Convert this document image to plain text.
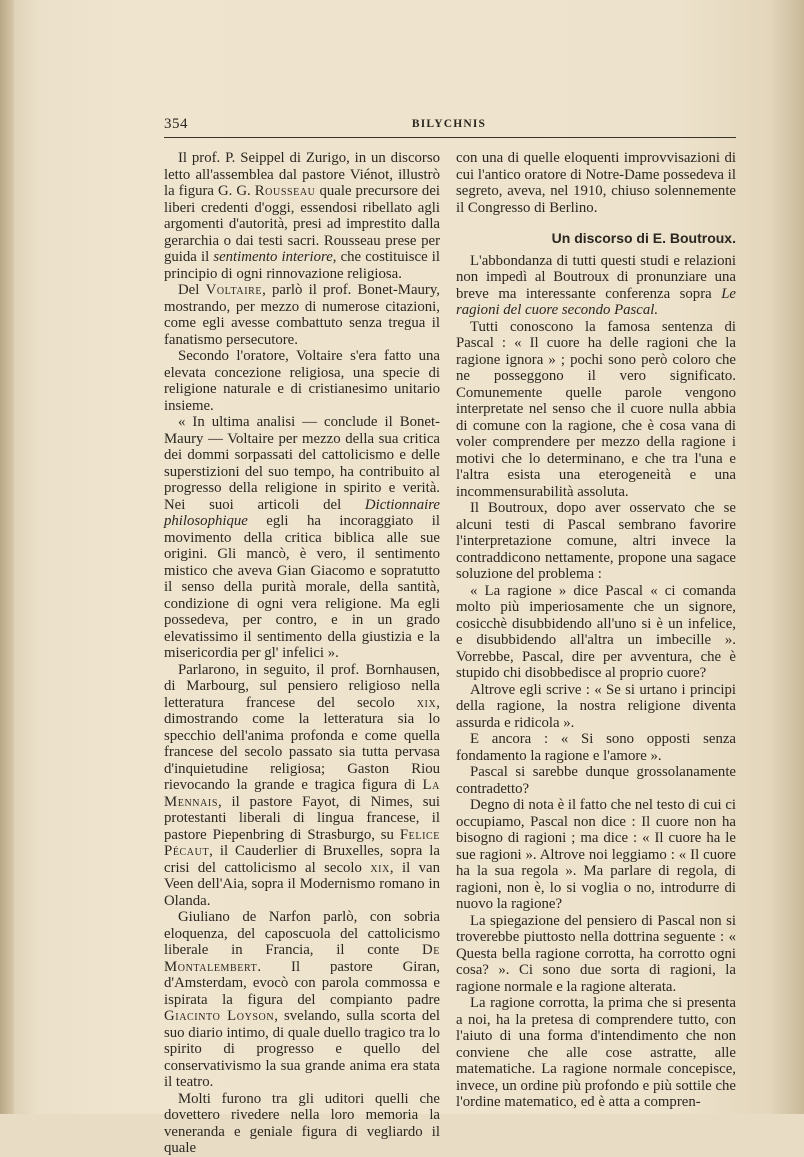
354	BILYCHNIS

Il prof. P. Seippel di Zurigo, in un discorso letto all'assemblea dal pastore Viénot, illustrò la figura G. G. Rousseau quale precursore dei liberi credenti d'oggi, essendosi ribellato agli argomenti d'autorità, presi ad imprestito dalla gerarchia o dai testi sacri. Rousseau prese per guida il sentimento interiore, che costituisce il principio di ogni rinnovazione religiosa.

Del Voltaire, parlò il prof. Bonet-Maury, mostrando, per mezzo di numerose citazioni, come egli avesse combattuto senza tregua il fanatismo persecutore.

Secondo l'oratore, Voltaire s'era fatto una elevata concezione religiosa, una specie di religione naturale e di cristianesimo unitario insieme.

« In ultima analisi — conclude il Bonet-Maury — Voltaire per mezzo della sua critica dei dommi sorpassati del cattolicismo e delle superstizioni del suo tempo, ha contribuito al progresso della religione in spirito e verità. Nei suoi articoli del Dictionnaire philosophique egli ha incoraggiato il movimento della critica biblica alle sue origini. Gli mancò, è vero, il sentimento mistico che aveva Gian Giacomo e sopratutto il senso della purità morale, della santità, condizione di ogni vera religione. Ma egli possedeva, per contro, e in un grado elevatissimo il sentimento della giustizia e la misericordia per gl' infelici ».

Parlarono, in seguito, il prof. Bornhausen, di Marbourg, sul pensiero religioso nella letteratura francese del secolo xix, dimostrando come la letteratura sia lo specchio dell'anima profonda e come quella francese del secolo passato sia tutta pervasa d'inquietudine religiosa; Gaston Riou rievocando la grande e tragica figura di La Mennais, il pastore Fayot, di Nimes, sui protestanti liberali di lingua francese, il pastore Piepenbring di Strasburgo, su Felice Pécaut, il Cauderlier di Bruxelles, sopra la crisi del cattolicismo al secolo xix, il van Veen dell'Aia, sopra il Modernismo romano in Olanda.

Giuliano de Narfon parlò, con sobria eloquenza, del caposcuola del cattolicismo liberale in Francia, il conte De Montalembert. Il pastore Giran, d'Amsterdam, evocò con parola commossa e ispirata la figura del compianto padre Giacinto Loyson, svelando, sulla scorta del suo diario intimo, di quale duello tragico tra lo spirito di progresso e quello del conservativismo la sua grande anima era stata il teatro.

Molti furono tra gli uditori quelli che dovettero rivedere nella loro memoria la veneranda e geniale figura di vegliardo il quale

con una di quelle eloquenti improvvisazioni di cui l'antico oratore di Notre-Dame possedeva il segreto, aveva, nel 1910, chiuso solennemente il Congresso di Berlino.

Un discorso di E. Boutroux.

L'abbondanza di tutti questi studi e relazioni non impedì al Boutroux di pronunziare una breve ma interessante conferenza sopra Le ragioni del cuore secondo Pascal.

Tutti conoscono la famosa sentenza di Pascal : « Il cuore ha delle ragioni che la ragione ignora » ; pochi sono però coloro che ne posseggono il vero significato. Comunemente quelle parole vengono interpretate nel senso che il cuore nulla abbia di comune con la ragione, che è cosa vana di voler comprendere per mezzo della ragione i motivi che lo determinano, e che tra l'una e l'altra esista una eterogeneità e una incommensurabilità assoluta.

Il Boutroux, dopo aver osservato che se alcuni testi di Pascal sembrano favorire l'interpretazione comune, altri invece la contraddicono nettamente, propone una sagace soluzione del problema :

« La ragione » dice Pascal « ci comanda molto più imperiosamente che un signore, cosicchè disubbidendo all'uno si è un infelice, e disubbidendo all'altra un imbecille ». Vorrebbe, Pascal, dire per avventura, che è stupido chi disobbedisce al proprio cuore?

Altrove egli scrive : « Se si urtano i principi della ragione, la nostra religione diventa assurda e ridicola ».

E ancora : « Si sono opposti senza fondamento la ragione e l'amore ».

Pascal si sarebbe dunque grossolanamente contradetto?

Degno di nota è il fatto che nel testo di cui ci occupiamo, Pascal non dice : Il cuore non ha bisogno di ragioni ; ma dice : « Il cuore ha le sue ragioni ». Altrove noi leggiamo : « Il cuore ha la sua regola ». Ma parlare di regola, di ragioni, non è, lo si voglia o no, introdurre di nuovo la ragione?

La spiegazione del pensiero di Pascal non si troverebbe piuttosto nella dottrina seguente : « Questa bella ragione corrotta, ha corrotto ogni cosa? ». Ci sono due sorta di ragioni, la ragione normale e la ragione alterata.

La ragione corrotta, la prima che si presenta a noi, ha la pretesa di comprendere tutto, con l'aiuto di una forma d'intendimento che non conviene che alle cose astratte, alle matematiche. La ragione normale concepisce, invece, un ordine più profondo e più sottile che l'ordine matematico, ed è atta a compren-
